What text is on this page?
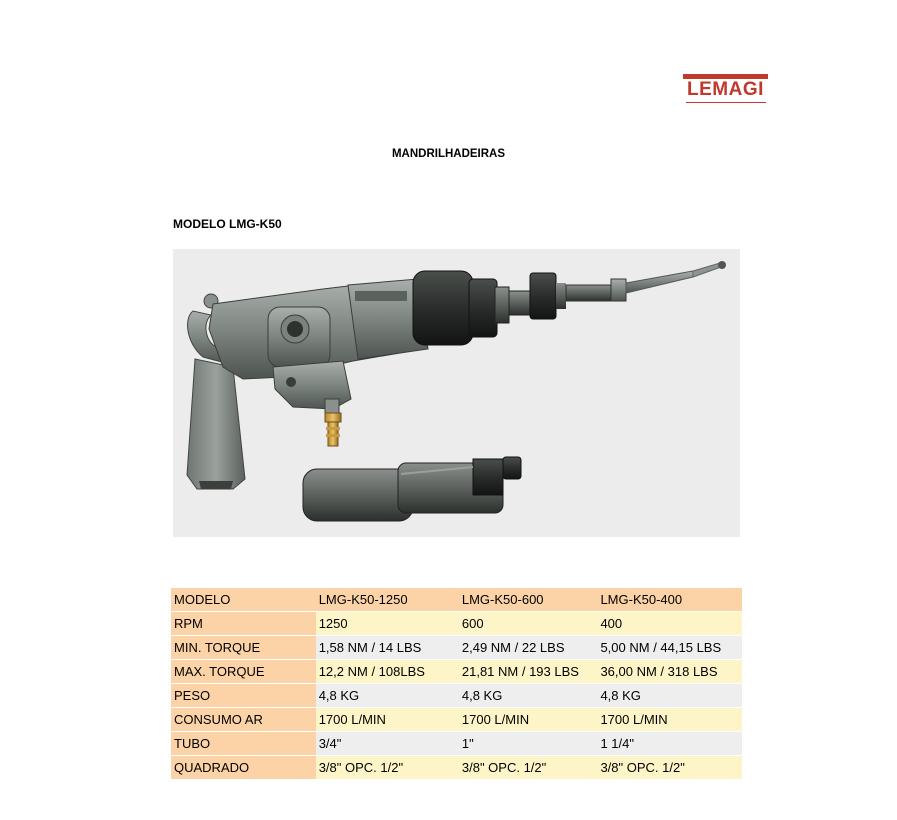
LEMAGI
MANDRILHADEIRAS
MODELO LMG-K50
MODELO	LMG-K50-1250	LMG-K50-600	LMG-K50-400
RPM	1250	600	400
MIN. TORQUE	1,58 NM / 14 LBS	2,49 NM / 22 LBS	5,00 NM / 44,15 LBS
MAX. TORQUE	12,2 NM / 108LBS	21,81 NM / 193 LBS	36,00 NM / 318 LBS
PESO	4,8 KG	4,8 KG	4,8 KG
CONSUMO AR	1700 L/MIN	1700 L/MIN	1700 L/MIN
TUBO	3/4"	1"	1 1/4"
QUADRADO	3/8" OPC. 1/2"	3/8" OPC. 1/2"	3/8" OPC. 1/2"
